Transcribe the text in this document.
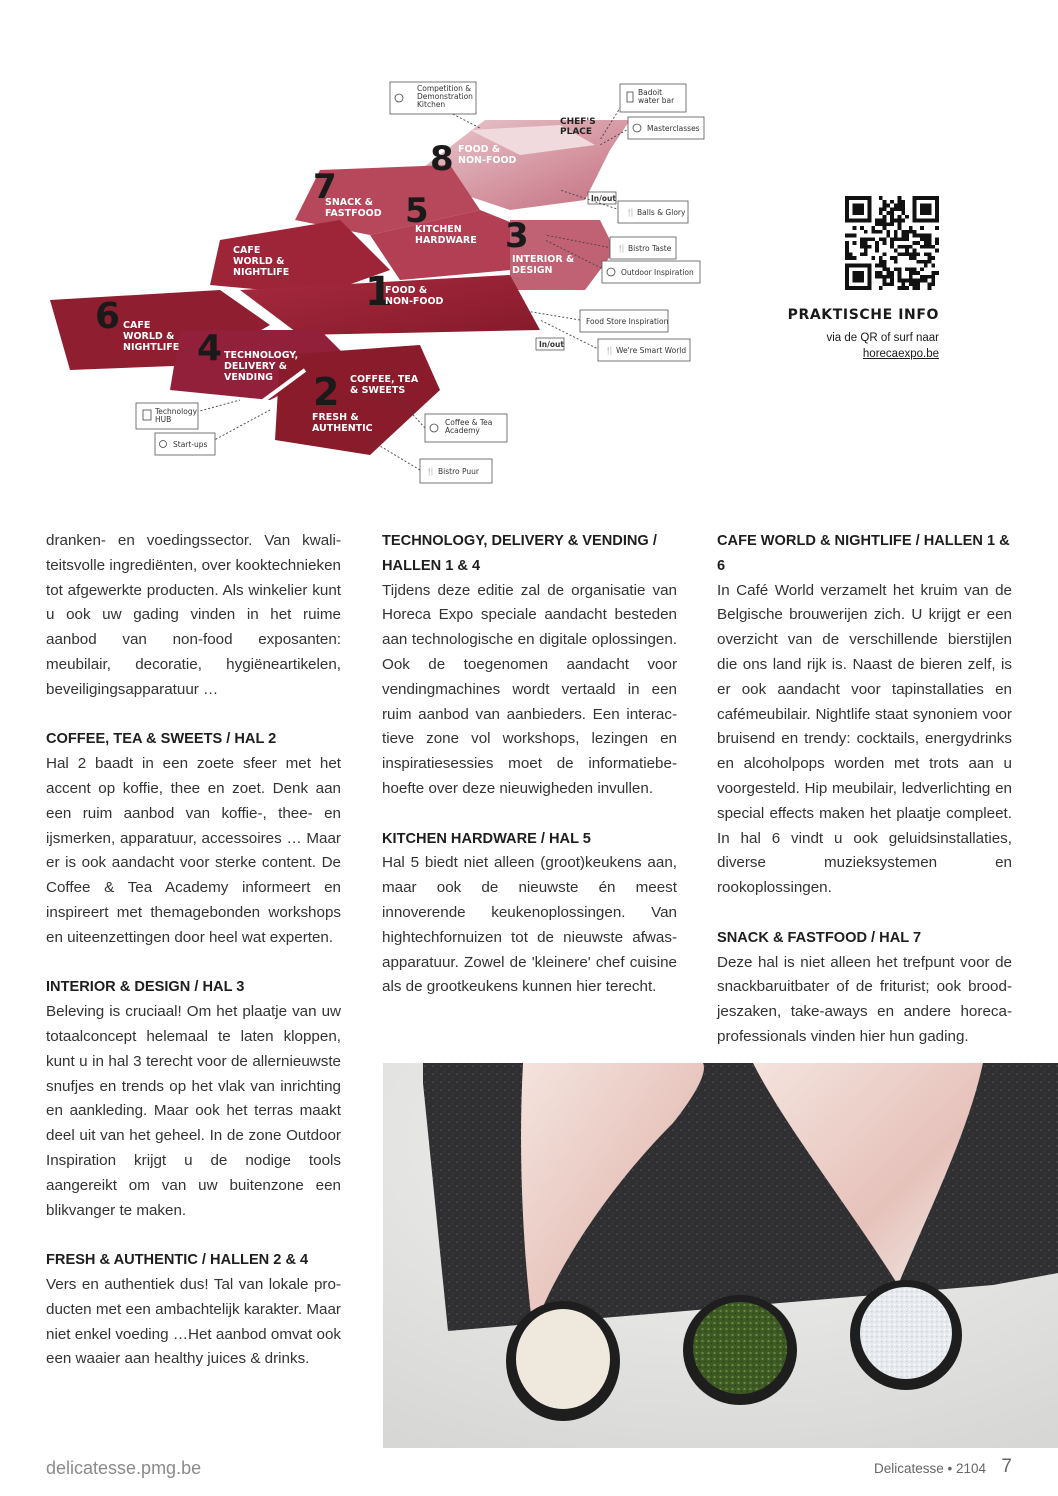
8 FOOD &
NON-FOOD
7
SNACK &
FASTFOOD 5
KITCHEN
HARDWARE 3
INTERIOR &
DESIGN
CAFE
WORLD &
NIGHTLIFE 1
FOOD &
NON-FOOD
6 CAFE
WORLD &
NIGHTLIFE 4 TECHNOLOGY,
DELIVERY &
VENDING 2 COFFEE, TEA
& SWEETS
FRESH &
AUTHENTIC
CHEF'S
PLACE
In/out
In/out
Competition &
Demonstration
Kitchen
Badoit
water bar
Masterclasses
🍴 Balls & Glory
🍴 Bistro Taste
Outdoor Inspiration
Food Store Inspiration
🍴 We're Smart World
Technology
HUB
Start-ups
Coffee & Tea
Academy
🍴 Bistro Puur
PRAKTISCHE INFO
via de QR of surf naar
horecaexpo.be

dranken- en voedingssector. Van kwaliteitsvolle ingrediënten, over kooktechnieken tot afgewerkte producten. Als winkelier kunt u ook uw gading vinden in het ruime aanbod van non-food exposanten: meubilair, decoratie, hygiëneartikelen, beveiligingsapparatuur …

COFFEE, TEA & SWEETS / HAL 2

Hal 2 baadt in een zoete sfeer met het accent op koffie, thee en zoet. Denk aan een ruim aanbod van koffie-, thee- en ijsmerken, apparatuur, accessoires … Maar er is ook aandacht voor sterke content. De Coffee & Tea Academy informeert en inspireert met themagebonden workshops en uiteenzettingen door heel wat experten.

INTERIOR & DESIGN / HAL 3

Beleving is cruciaal! Om het plaatje van uw totaalconcept helemaal te laten kloppen, kunt u in hal 3 terecht voor de allernieuwste snufjes en trends op het vlak van inrichting en aankleding. Maar ook het terras maakt deel uit van het geheel. In de zone Outdoor Inspiration krijgt u de nodige tools aangereikt om van uw buitenzone een blikvanger te maken.

FRESH & AUTHENTIC / HALLEN 2 & 4

Vers en authentiek dus! Tal van lokale producten met een ambachtelijk karakter. Maar niet enkel voeding …Het aanbod omvat ook een waaier aan healthy juices & drinks.

TECHNOLOGY, DELIVERY & VENDING / HALLEN 1 & 4

Tijdens deze editie zal de organisatie van Horeca Expo speciale aandacht besteden aan technologische en digitale oplossingen. Ook de toegenomen aandacht voor vendingmachines wordt vertaald in een ruim aanbod van aanbieders. Een interactieve zone vol workshops, lezingen en inspiratiesessies moet de informatiebehoefte over deze nieuwigheden invullen.

KITCHEN HARDWARE / HAL 5

Hal 5 biedt niet alleen (groot)keukens aan, maar ook de nieuwste én meest innoverende keukenoplossingen. Van hightechfornuizen tot de nieuwste afwasapparatuur. Zowel de 'kleinere' chef cuisine als de grootkeukens kunnen hier terecht.

CAFE WORLD & NIGHTLIFE / HALLEN 1 & 6

In Café World verzamelt het kruim van de Belgische brouwerijen zich. U krijgt er een overzicht van de verschillende bierstijlen die ons land rijk is. Naast de bieren zelf, is er ook aandacht voor tapinstallaties en cafémeubilair. Nightlife staat synoniem voor bruisend en trendy: cocktails, energydrinks en alcoholpops worden met trots aan u voorgesteld. Hip meubilair, ledverlichting en special effects maken het plaatje compleet. In hal 6 vindt u ook geluidsinstallaties, diverse muzieksystemen en rookoplossingen.

SNACK & FASTFOOD / HAL 7

Deze hal is niet alleen het trefpunt voor de snackbaruitbater of de friturist; ook broodjeszaken, take-aways en andere horecaprofessionals vinden hier hun gading.

delicatesse.pmg.be	Delicatesse • 2104 7
